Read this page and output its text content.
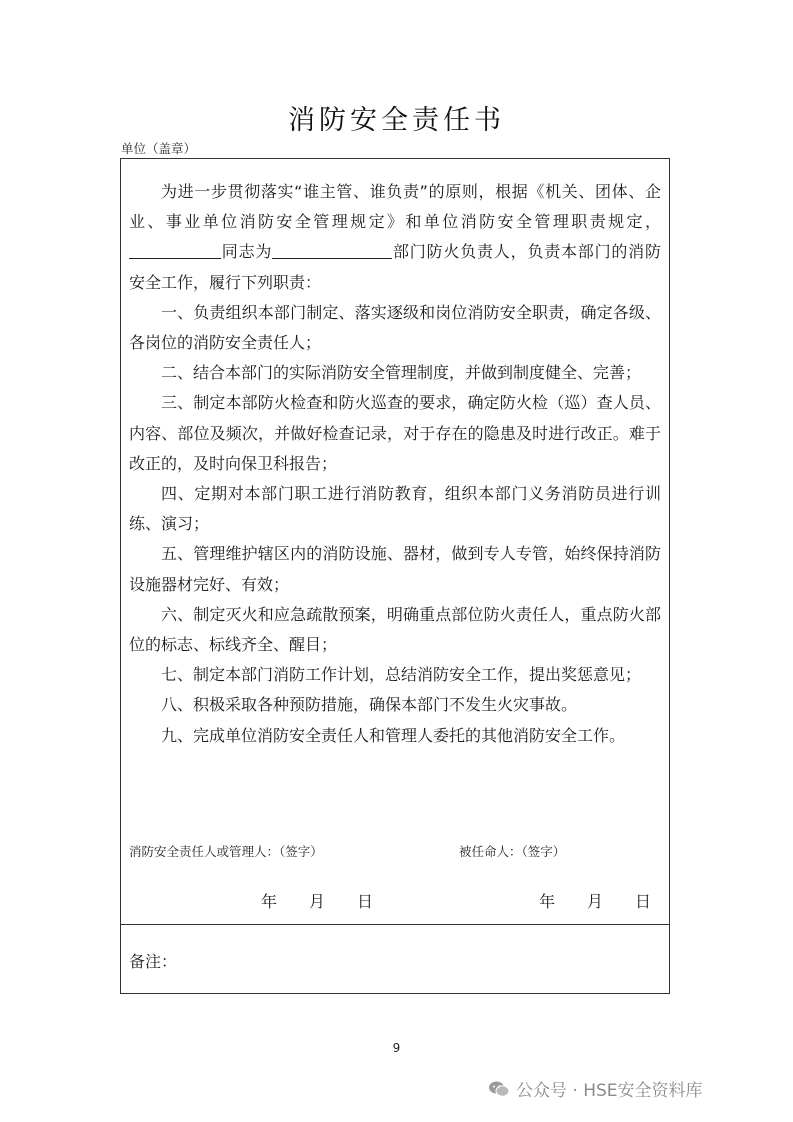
消防安全责任书
单位（盖章）

为进一步贯彻落实“谁主管、谁负责”的原则，根据《机关、团体、企业、事业单位消防安全管理规定》和单位消防安全管理职责规定，同志为	部门防火负责人，负责本部门的消防安全工作，履行下列职责：

一、负责组织本部门制定、落实逐级和岗位消防安全职责，确定各级、各岗位的消防安全责任人；

二、结合本部门的实际消防安全管理制度，并做到制度健全、完善；

三、制定本部防火检查和防火巡查的要求，确定防火检（巡）查人员、内容、部位及频次，并做好检查记录，对于存在的隐患及时进行改正。难于改正的，及时向保卫科报告；

四、定期对本部门职工进行消防教育，组织本部门义务消防员进行训练、演习；

五、管理维护辖区内的消防设施、器材，做到专人专管，始终保持消防设施器材完好、有效；

六、制定灭火和应急疏散预案，明确重点部位防火责任人，重点防火部位的标志、标线齐全、醒目；

七、制定本部门消防工作计划，总结消防安全工作，提出奖惩意见；

八、积极采取各种预防措施，确保本部门不发生火灾事故。

九、完成单位消防安全责任人和管理人委托的其他消防安全工作。

消防安全责任人或管理人：（签字）	被任命人：（签字）
年 月 日	年 月 日
备注：
9
公众号 · HSE安全资料库
